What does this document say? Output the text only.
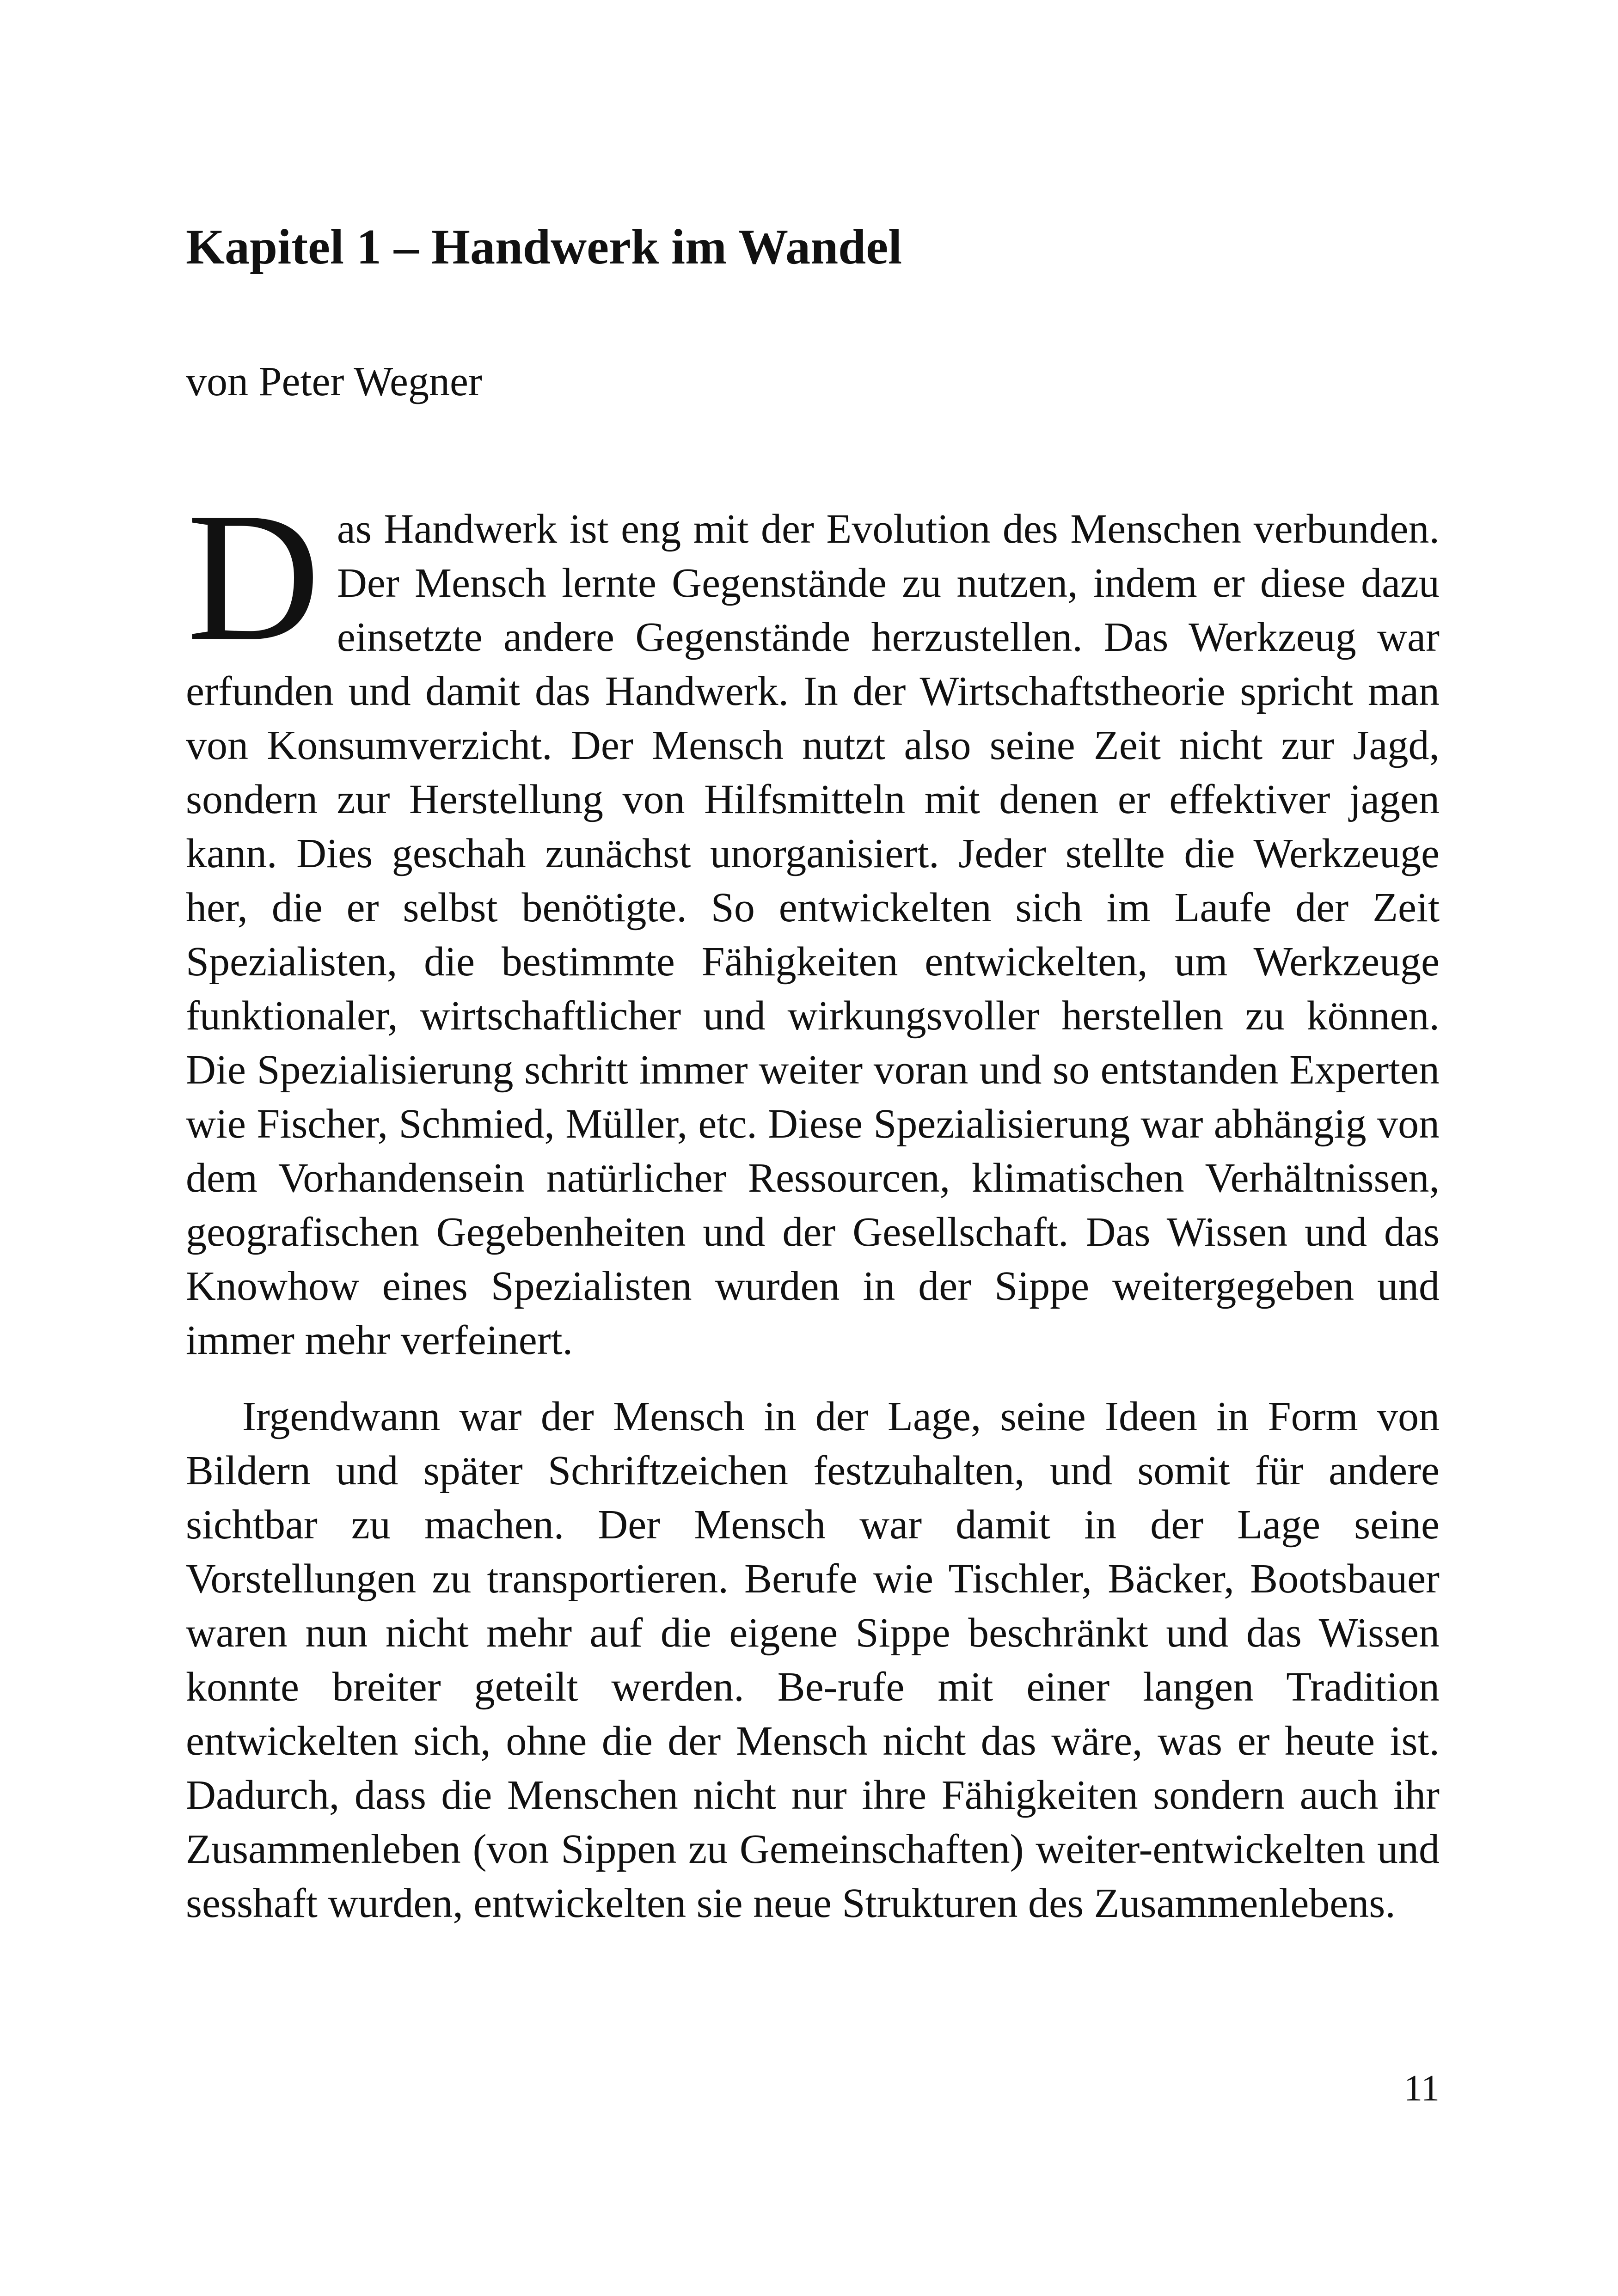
Kapitel 1 – Handwerk im Wandel

von Peter Wegner

Das Handwerk ist eng mit der Evolution des Menschen verbunden. Der Mensch lernte Gegenstände zu nutzen, indem er diese dazu einsetzte andere Gegenstände herzustellen. Das Werkzeug war erfunden und damit das Handwerk. In der Wirtschaftstheorie spricht man von Konsumverzicht. Der Mensch nutzt also seine Zeit nicht zur Jagd, sondern zur Herstellung von Hilfsmitteln mit denen er effektiver jagen kann. Dies geschah zunächst unorganisiert. Jeder stellte die Werkzeuge her, die er selbst benötigte. So entwickelten sich im Laufe der Zeit Spezialisten, die bestimmte Fähigkeiten entwickelten, um Werkzeuge funktionaler, wirtschaftlicher und wirkungsvoller herstellen zu können. Die Spezialisierung schritt immer weiter voran und so entstanden Experten wie Fischer, Schmied, Müller, etc. Diese Spezialisierung war abhängig von dem Vorhandensein natürlicher Ressourcen, klimatischen Verhältnissen, geografischen Gegebenheiten und der Gesellschaft. Das Wissen und das Knowhow eines Spezialisten wurden in der Sippe weitergegeben und immer mehr verfeinert.

Irgendwann war der Mensch in der Lage, seine Ideen in Form von Bildern und später Schriftzeichen festzuhalten, und somit für andere sichtbar zu machen. Der Mensch war damit in der Lage seine Vorstellungen zu transportieren. Berufe wie Tischler, Bäcker, Bootsbauer waren nun nicht mehr auf die eigene Sippe beschränkt und das Wissen konnte breiter geteilt werden. Be-rufe mit einer langen Tradition entwickelten sich, ohne die der Mensch nicht das wäre, was er heute ist. Dadurch, dass die Menschen nicht nur ihre Fähigkeiten sondern auch ihr Zusammenleben (von Sippen zu Gemeinschaften) weiter-entwickelten und sesshaft wurden, entwickelten sie neue Strukturen des Zusammenlebens.

11
